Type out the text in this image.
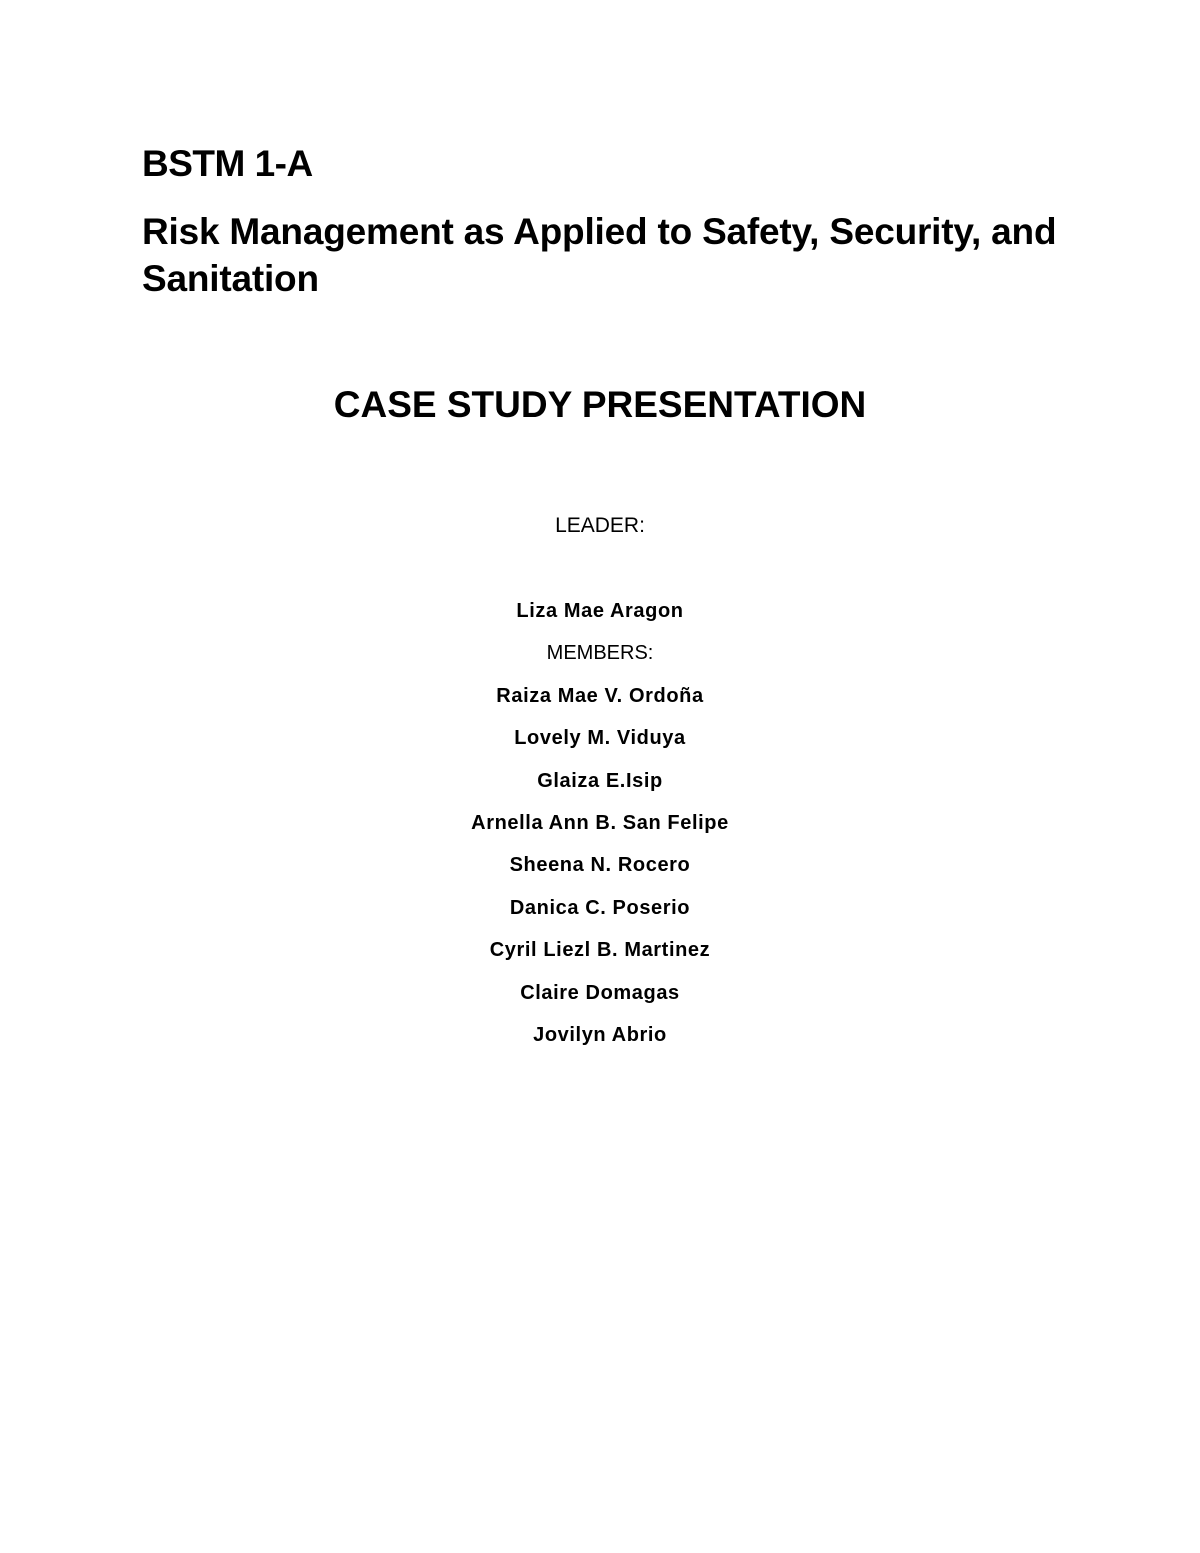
BSTM 1-A
Risk Management as Applied to Safety, Security, and Sanitation
CASE STUDY PRESENTATION
LEADER:
Liza Mae Aragon
MEMBERS:
Raiza Mae V. Ordoña
Lovely M. Viduya
Glaiza E.Isip
Arnella Ann B. San Felipe
Sheena N. Rocero
Danica C. Poserio
Cyril Liezl B. Martinez
Claire Domagas
Jovilyn Abrio
